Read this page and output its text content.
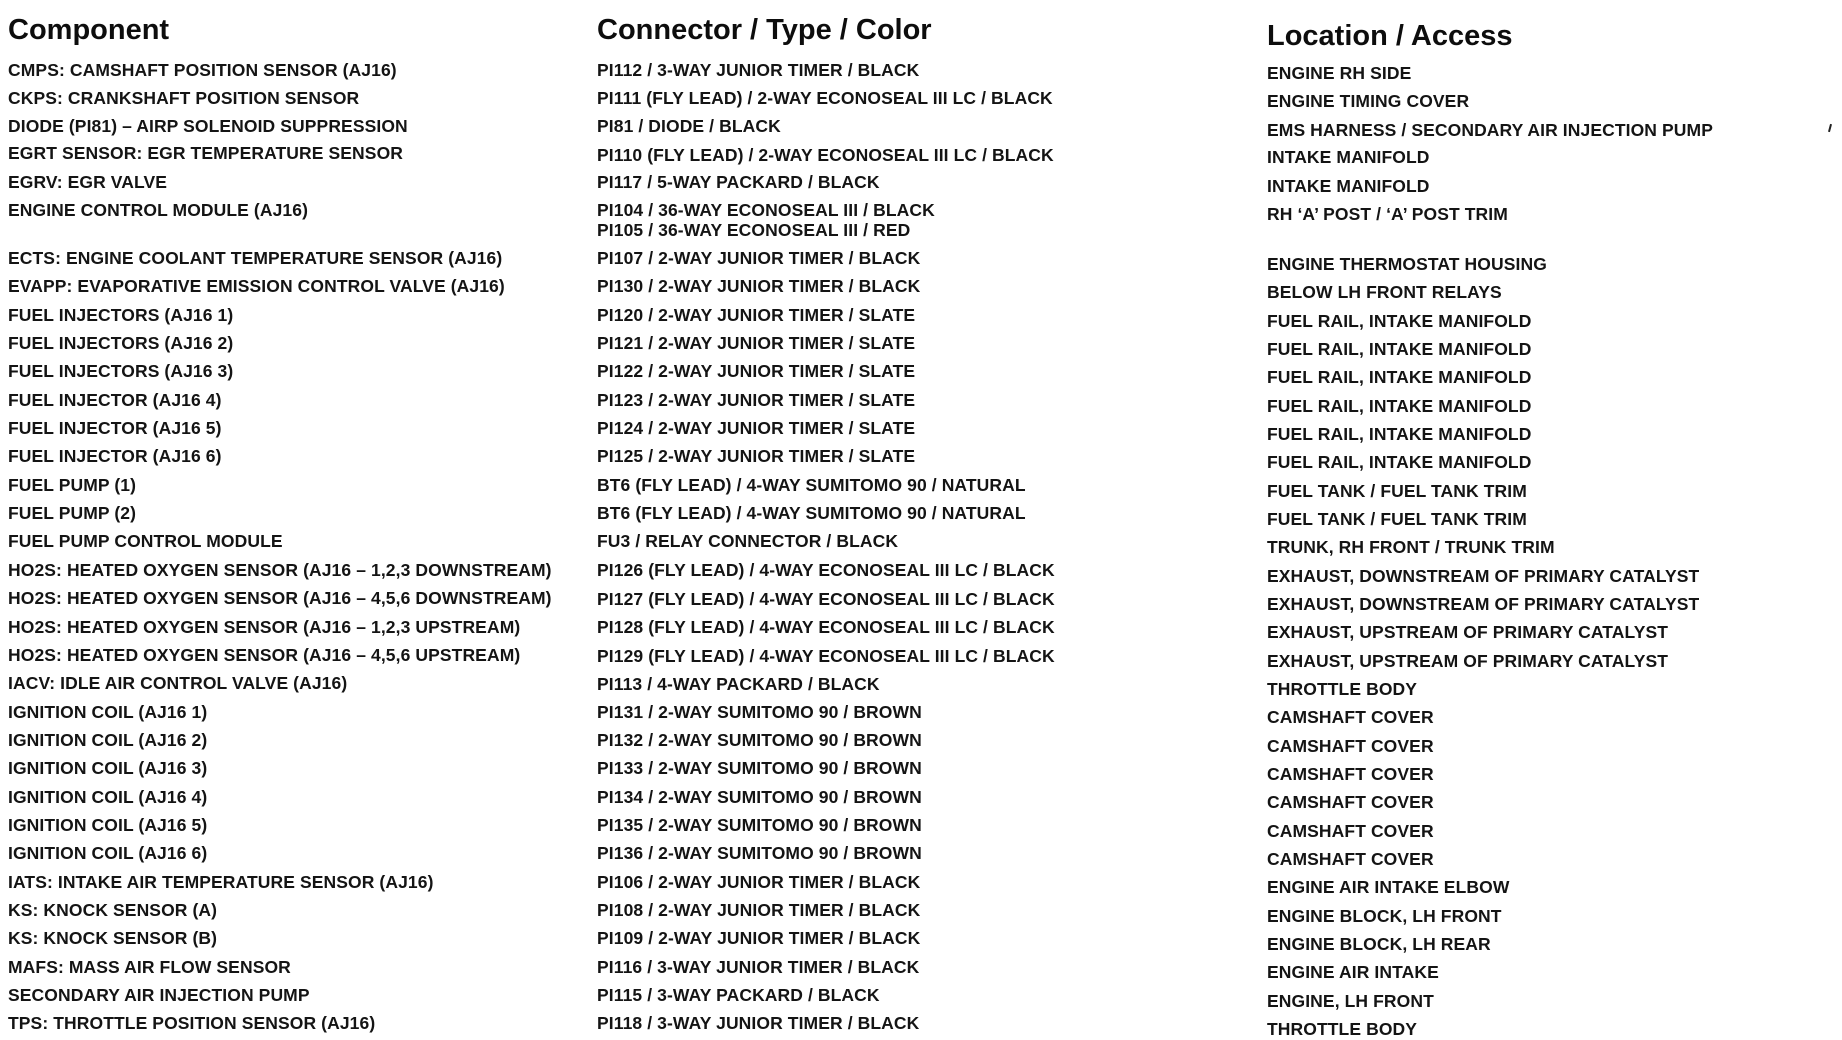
Component
CMPS: CAMSHAFT POSITION SENSOR (AJ16)
CKPS: CRANKSHAFT POSITION SENSOR
DIODE (PI81) – AIRP SOLENOID SUPPRESSION
EGRT SENSOR: EGR TEMPERATURE SENSOR
EGRV: EGR VALVE
ENGINE CONTROL MODULE (AJ16)
ECTS: ENGINE COOLANT TEMPERATURE SENSOR (AJ16)
EVAPP: EVAPORATIVE EMISSION CONTROL VALVE (AJ16)
FUEL INJECTORS (AJ16 1)
FUEL INJECTORS (AJ16 2)
FUEL INJECTORS (AJ16 3)
FUEL INJECTOR (AJ16 4)
FUEL INJECTOR (AJ16 5)
FUEL INJECTOR (AJ16 6)
FUEL PUMP (1)
FUEL PUMP (2)
FUEL PUMP CONTROL MODULE
HO2S: HEATED OXYGEN SENSOR (AJ16 – 1,2,3 DOWNSTREAM)
HO2S: HEATED OXYGEN SENSOR (AJ16 – 4,5,6 DOWNSTREAM)
HO2S: HEATED OXYGEN SENSOR (AJ16 – 1,2,3 UPSTREAM)
HO2S: HEATED OXYGEN SENSOR (AJ16 – 4,5,6 UPSTREAM)
IACV: IDLE AIR CONTROL VALVE (AJ16)
IGNITION COIL (AJ16 1)
IGNITION COIL (AJ16 2)
IGNITION COIL (AJ16 3)
IGNITION COIL (AJ16 4)
IGNITION COIL (AJ16 5)
IGNITION COIL (AJ16 6)
IATS: INTAKE AIR TEMPERATURE SENSOR (AJ16)
KS: KNOCK SENSOR (A)
KS: KNOCK SENSOR (B)
MAFS: MASS AIR FLOW SENSOR
SECONDARY AIR INJECTION PUMP
TPS: THROTTLE POSITION SENSOR (AJ16)
Connector / Type / Color
PI112 / 3-WAY JUNIOR TIMER / BLACK
PI111 (FLY LEAD) / 2-WAY ECONOSEAL III LC / BLACK
PI81 / DIODE / BLACK
PI110 (FLY LEAD) / 2-WAY ECONOSEAL III LC / BLACK
PI117 / 5-WAY PACKARD / BLACK
PI104 / 36-WAY ECONOSEAL III / BLACK
PI105 / 36-WAY ECONOSEAL III / RED
PI107 / 2-WAY JUNIOR TIMER / BLACK
PI130 / 2-WAY JUNIOR TIMER / BLACK
PI120 / 2-WAY JUNIOR TIMER / SLATE
PI121 / 2-WAY JUNIOR TIMER / SLATE
PI122 / 2-WAY JUNIOR TIMER / SLATE
PI123 / 2-WAY JUNIOR TIMER / SLATE
PI124 / 2-WAY JUNIOR TIMER / SLATE
PI125 / 2-WAY JUNIOR TIMER / SLATE
BT6 (FLY LEAD) / 4-WAY SUMITOMO 90 / NATURAL
BT6 (FLY LEAD) / 4-WAY SUMITOMO 90 / NATURAL
FU3 / RELAY CONNECTOR / BLACK
PI126 (FLY LEAD) / 4-WAY ECONOSEAL III LC / BLACK
PI127 (FLY LEAD) / 4-WAY ECONOSEAL III LC / BLACK
PI128 (FLY LEAD) / 4-WAY ECONOSEAL III LC / BLACK
PI129 (FLY LEAD) / 4-WAY ECONOSEAL III LC / BLACK
PI113 / 4-WAY PACKARD / BLACK
PI131 / 2-WAY SUMITOMO 90 / BROWN
PI132 / 2-WAY SUMITOMO 90 / BROWN
PI133 / 2-WAY SUMITOMO 90 / BROWN
PI134 / 2-WAY SUMITOMO 90 / BROWN
PI135 / 2-WAY SUMITOMO 90 / BROWN
PI136 / 2-WAY SUMITOMO 90 / BROWN
PI106 / 2-WAY JUNIOR TIMER / BLACK
PI108 / 2-WAY JUNIOR TIMER / BLACK
PI109 / 2-WAY JUNIOR TIMER / BLACK
PI116 / 3-WAY JUNIOR TIMER / BLACK
PI115 / 3-WAY PACKARD / BLACK
PI118 / 3-WAY JUNIOR TIMER / BLACK
Location / Access
ENGINE RH SIDE
ENGINE TIMING COVER
EMS HARNESS / SECONDARY AIR INJECTION PUMP
INTAKE MANIFOLD
INTAKE MANIFOLD
RH ‘A’ POST / ‘A’ POST TRIM
ENGINE THERMOSTAT HOUSING
BELOW LH FRONT RELAYS
FUEL RAIL, INTAKE MANIFOLD
FUEL RAIL, INTAKE MANIFOLD
FUEL RAIL, INTAKE MANIFOLD
FUEL RAIL, INTAKE MANIFOLD
FUEL RAIL, INTAKE MANIFOLD
FUEL RAIL, INTAKE MANIFOLD
FUEL TANK / FUEL TANK TRIM
FUEL TANK / FUEL TANK TRIM
TRUNK, RH FRONT / TRUNK TRIM
EXHAUST, DOWNSTREAM OF PRIMARY CATALYST
EXHAUST, DOWNSTREAM OF PRIMARY CATALYST
EXHAUST, UPSTREAM OF PRIMARY CATALYST
EXHAUST, UPSTREAM OF PRIMARY CATALYST
THROTTLE BODY
CAMSHAFT COVER
CAMSHAFT COVER
CAMSHAFT COVER
CAMSHAFT COVER
CAMSHAFT COVER
CAMSHAFT COVER
ENGINE AIR INTAKE ELBOW
ENGINE BLOCK, LH FRONT
ENGINE BLOCK, LH REAR
ENGINE AIR INTAKE
ENGINE, LH FRONT
THROTTLE BODY
